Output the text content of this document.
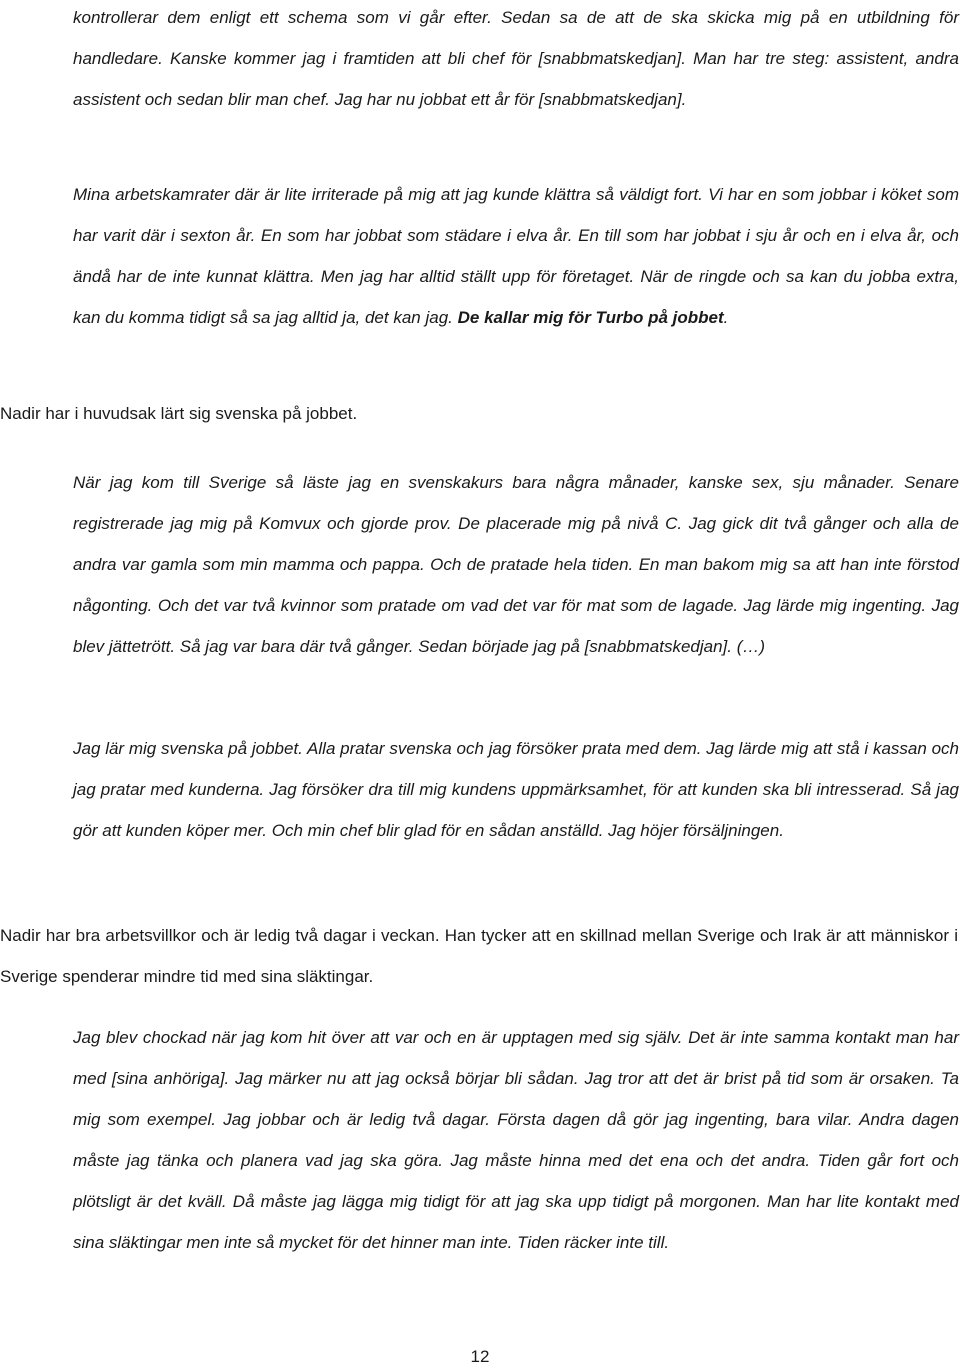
kontrollerar dem enligt ett schema som vi går efter. Sedan sa de att de ska skicka mig på en utbildning för handledare. Kanske kommer jag i framtiden att bli chef för [snabbmatskedjan]. Man har tre steg: assistent, andra assistent och sedan blir man chef. Jag har nu jobbat ett år för [snabbmatskedjan].

Mina arbetskamrater där är lite irriterade på mig att jag kunde klättra så väldigt fort. Vi har en som jobbar i köket som har varit där i sexton år. En som har jobbat som städare i elva år. En till som har jobbat i sju år och en i elva år, och ändå har de inte kunnat klättra. Men jag har alltid ställt upp för företaget. När de ringde och sa kan du jobba extra, kan du komma tidigt så sa jag alltid ja, det kan jag. De kallar mig för Turbo på jobbet.

Nadir har i huvudsak lärt sig svenska på jobbet.

När jag kom till Sverige så läste jag en svenskakurs bara några månader, kanske sex, sju månader. Senare registrerade jag mig på Komvux och gjorde prov. De placerade mig på nivå C. Jag gick dit två gånger och alla de andra var gamla som min mamma och pappa. Och de pratade hela tiden. En man bakom mig sa att han inte förstod någonting. Och det var två kvinnor som pratade om vad det var för mat som de lagade. Jag lärde mig ingenting. Jag blev jättetrött. Så jag var bara där två gånger. Sedan började jag på [snabbmatskedjan]. (…)

Jag lär mig svenska på jobbet. Alla pratar svenska och jag försöker prata med dem. Jag lärde mig att stå i kassan och jag pratar med kunderna. Jag försöker dra till mig kundens uppmärksamhet, för att kunden ska bli intresserad. Så jag gör att kunden köper mer. Och min chef blir glad för en sådan anställd. Jag höjer försäljningen.

Nadir har bra arbetsvillkor och är ledig två dagar i veckan. Han tycker att en skillnad mellan Sverige och Irak är att människor i Sverige spenderar mindre tid med sina släktingar.

Jag blev chockad när jag kom hit över att var och en är upptagen med sig själv. Det är inte samma kontakt man har med [sina anhöriga]. Jag märker nu att jag också börjar bli sådan. Jag tror att det är brist på tid som är orsaken. Ta mig som exempel. Jag jobbar och är ledig två dagar. Första dagen då gör jag ingenting, bara vilar. Andra dagen måste jag tänka och planera vad jag ska göra. Jag måste hinna med det ena och det andra. Tiden går fort och plötsligt är det kväll. Då måste jag lägga mig tidigt för att jag ska upp tidigt på morgonen. Man har lite kontakt med sina släktingar men inte så mycket för det hinner man inte. Tiden räcker inte till.

12
